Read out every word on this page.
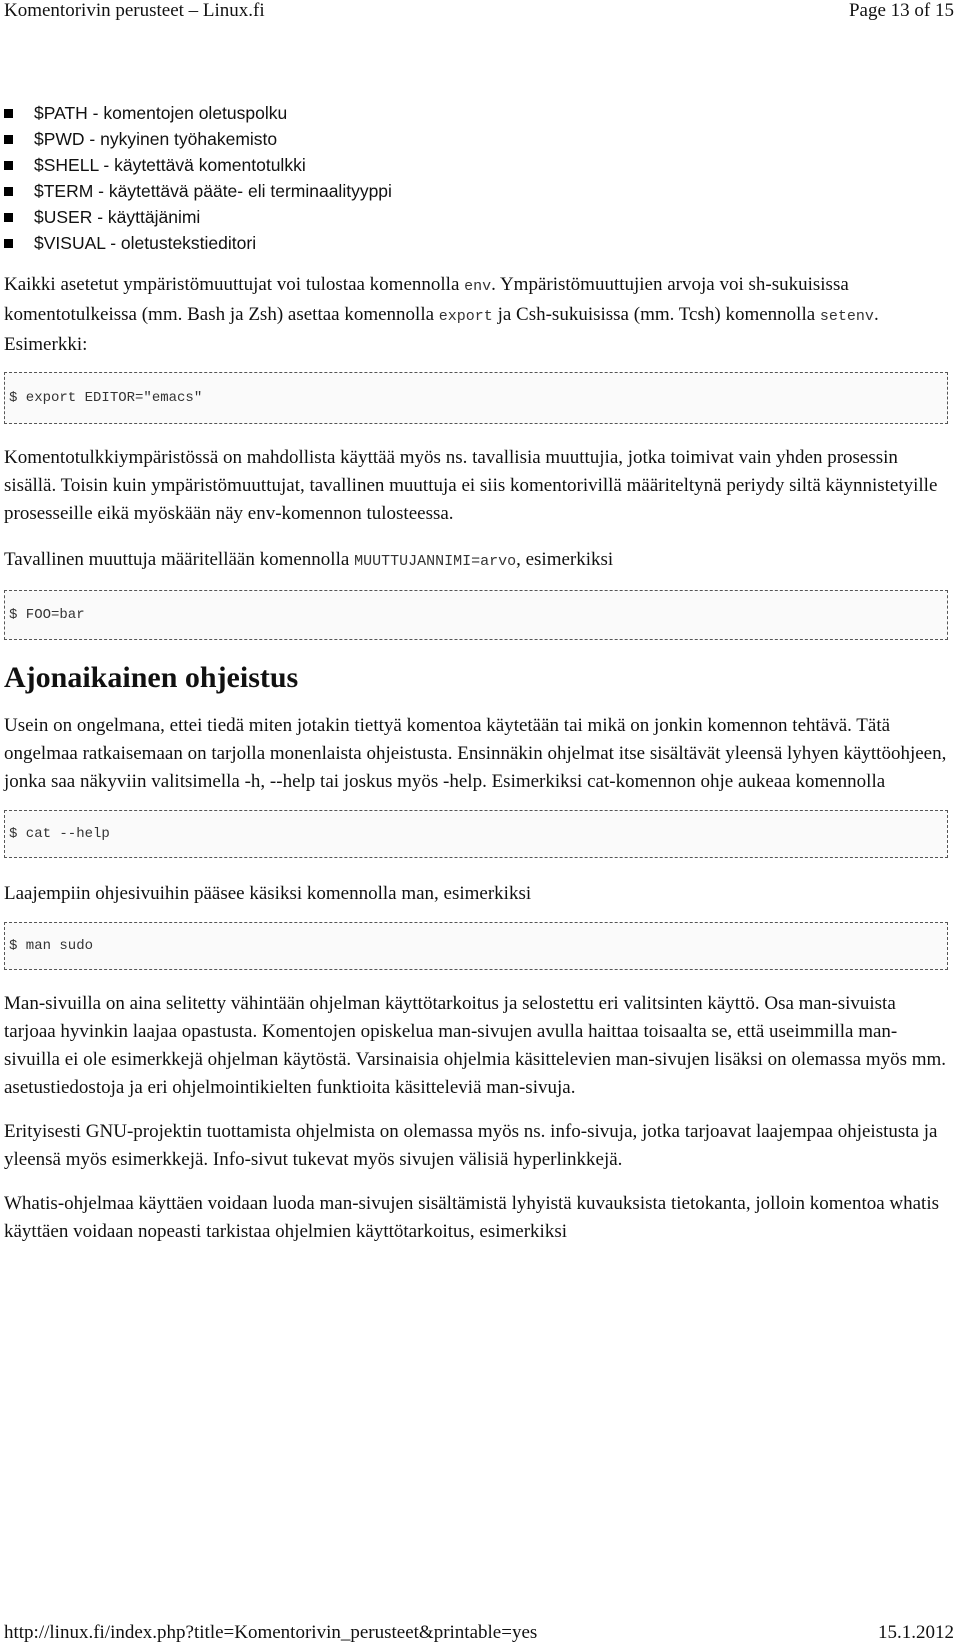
Komentorivin perusteet – Linux.fi	Page 13 of 15
$PATH - komentojen oletuspolku
$PWD - nykyinen työhakemisto
$SHELL - käytettävä komentotulkki
$TERM - käytettävä pääte- eli terminaalityyppi
$USER - käyttäjänimi
$VISUAL - oletustekstieditori

Kaikki asetetut ympäristömuuttujat voi tulostaa komennolla env. Ympäristömuuttujien arvoja voi sh-sukuisissa komentotulkeissa (mm. Bash ja Zsh) asettaa komennolla export ja Csh-sukuisissa (mm. Tcsh) komennolla setenv. Esimerkki:

$ export EDITOR="emacs"

Komentotulkkiympäristössä on mahdollista käyttää myös ns. tavallisia muuttujia, jotka toimivat vain yhden prosessin sisällä. Toisin kuin ympäristömuuttujat, tavallinen muuttuja ei siis komentorivillä määriteltynä periydy siltä käynnistetyille prosesseille eikä myöskään näy env-komennon tulosteessa.

Tavallinen muuttuja määritellään komennolla MUUTTUJANNIMI=arvo, esimerkiksi

$ FOO=bar
Ajonaikainen ohjeistus

Usein on ongelmana, ettei tiedä miten jotakin tiettyä komentoa käytetään tai mikä on jonkin komennon tehtävä. Tätä ongelmaa ratkaisemaan on tarjolla monenlaista ohjeistusta. Ensinnäkin ohjelmat itse sisältävät yleensä lyhyen käyttöohjeen, jonka saa näkyviin valitsimella -h, --help tai joskus myös -help. Esimerkiksi cat-komennon ohje aukeaa komennolla

$ cat --help

Laajempiin ohjesivuihin pääsee käsiksi komennolla man, esimerkiksi

$ man sudo

Man-sivuilla on aina selitetty vähintään ohjelman käyttötarkoitus ja selostettu eri valitsinten käyttö. Osa man-sivuista tarjoaa hyvinkin laajaa opastusta. Komentojen opiskelua man-sivujen avulla haittaa toisaalta se, että useimmilla man-sivuilla ei ole esimerkkejä ohjelman käytöstä. Varsinaisia ohjelmia käsittelevien man-sivujen lisäksi on olemassa myös mm. asetustiedostoja ja eri ohjelmointikielten funktioita käsitteleviä man-sivuja.

Erityisesti GNU-projektin tuottamista ohjelmista on olemassa myös ns. info-sivuja, jotka tarjoavat laajempaa ohjeistusta ja yleensä myös esimerkkejä. Info-sivut tukevat myös sivujen välisiä hyperlinkkejä.

Whatis-ohjelmaa käyttäen voidaan luoda man-sivujen sisältämistä lyhyistä kuvauksista tietokanta, jolloin komentoa whatis käyttäen voidaan nopeasti tarkistaa ohjelmien käyttötarkoitus, esimerkiksi

http://linux.fi/index.php?title=Komentorivin_perusteet&printable=yes	15.1.2012
